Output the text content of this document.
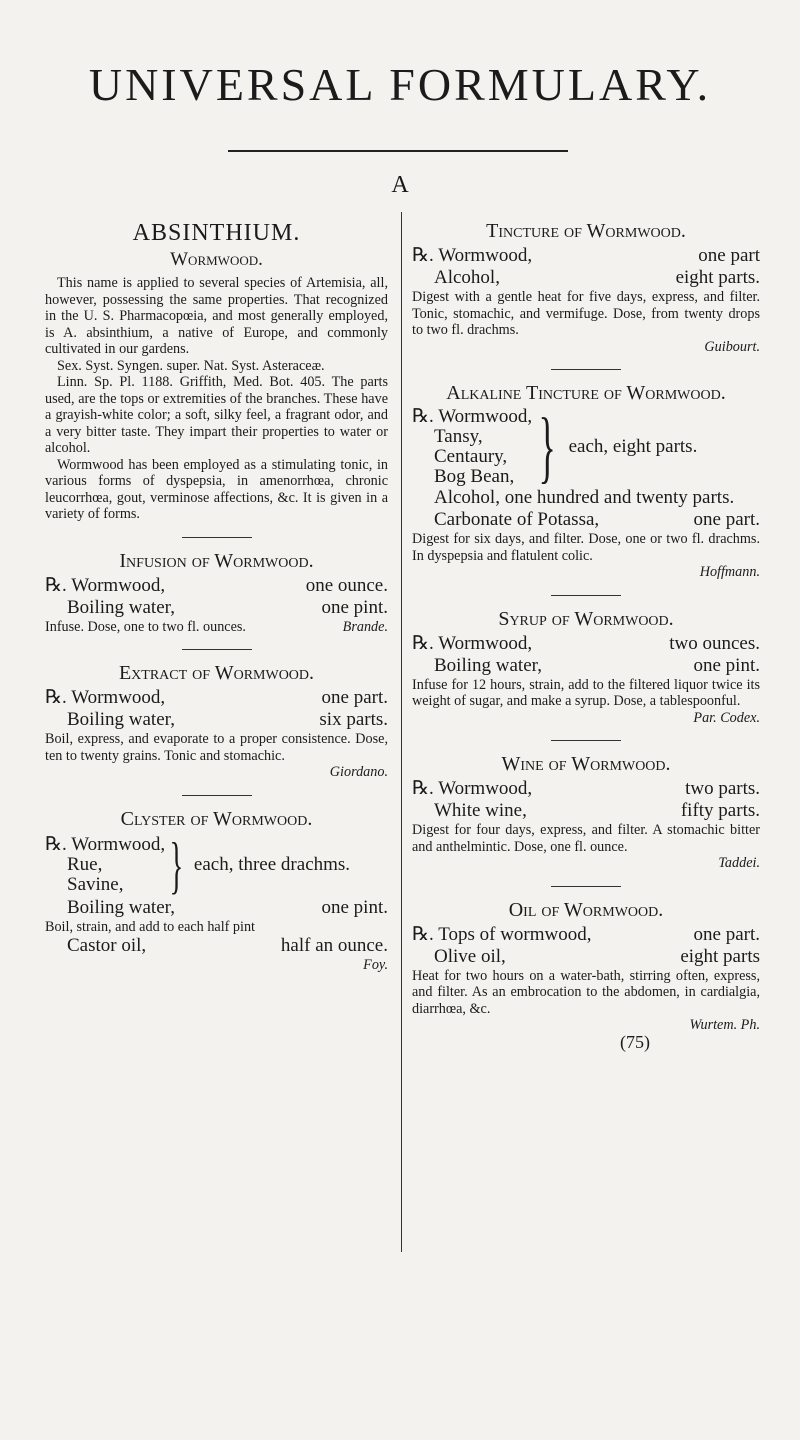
UNIVERSAL FORMULARY.
A
ABSINTHIUM.
Wormwood.

This name is applied to several species of Artemisia, all, however, possessing the same properties. That recognized in the U. S. Pharmacopœia, and most generally employed, is A. absinthium, a native of Europe, and commonly cultivated in our gardens.

Sex. Syst. Syngen. super. Nat. Syst. Asteraceæ.

Linn. Sp. Pl. 1188. Griffith, Med. Bot. 405. The parts used, are the tops or extremities of the branches. These have a grayish-white color; a soft, silky feel, a fragrant odor, and a very bitter taste. They impart their properties to water or alcohol.

Wormwood has been employed as a stimulating tonic, in various forms of dyspepsia, in amenorrhœa, chronic leucorrhœa, gout, verminose affections, &c. It is given in a variety of forms.

Infusion of Wormwood.
℞. Wormwood,	one ounce.
Boiling water,	one pint.
Infuse. Dose, one to two fl. ounces.	Brande.
Extract of Wormwood.
℞. Wormwood,	one part.
Boiling water,	six parts.

Boil, express, and evaporate to a proper consistence. Dose, ten to twenty grains. Tonic and stomachic.

Giordano.
Clyster of Wormwood.
℞. Wormwood,
Rue,
Savine, } each, three drachms.
Boiling water,	one pint.
Boil, strain, and add to each half pint
Castor oil,	half an ounce.
Foy.
Tincture of Wormwood.
℞. Wormwood,	one part
Alcohol,	eight parts.

Digest with a gentle heat for five days, express, and filter. Tonic, stomachic, and vermifuge. Dose, from twenty drops to two fl. drachms.

Guibourt.
Alkaline Tincture of Wormwood.
℞. Wormwood,
Tansy,
Centaury,
Bog Bean, } each, eight parts.
Alcohol, one hundred and twenty parts.
Carbonate of Potassa,	one part.

Digest for six days, and filter. Dose, one or two fl. drachms. In dyspepsia and flatulent colic.

Hoffmann.
Syrup of Wormwood.
℞. Wormwood,	two ounces.
Boiling water,	one pint.

Infuse for 12 hours, strain, add to the filtered liquor twice its weight of sugar, and make a syrup. Dose, a tablespoonful.

Par. Codex.
Wine of Wormwood.
℞. Wormwood,	two parts.
White wine,	fifty parts.

Digest for four days, express, and filter. A stomachic bitter and anthelmintic. Dose, one fl. ounce.

Taddei.
Oil of Wormwood.
℞. Tops of wormwood,	one part.
Olive oil,	eight parts

Heat for two hours on a water-bath, stirring often, express, and filter. As an embrocation to the abdomen, in cardialgia, diarrhœa, &c.

Wurtem. Ph.
(75)
